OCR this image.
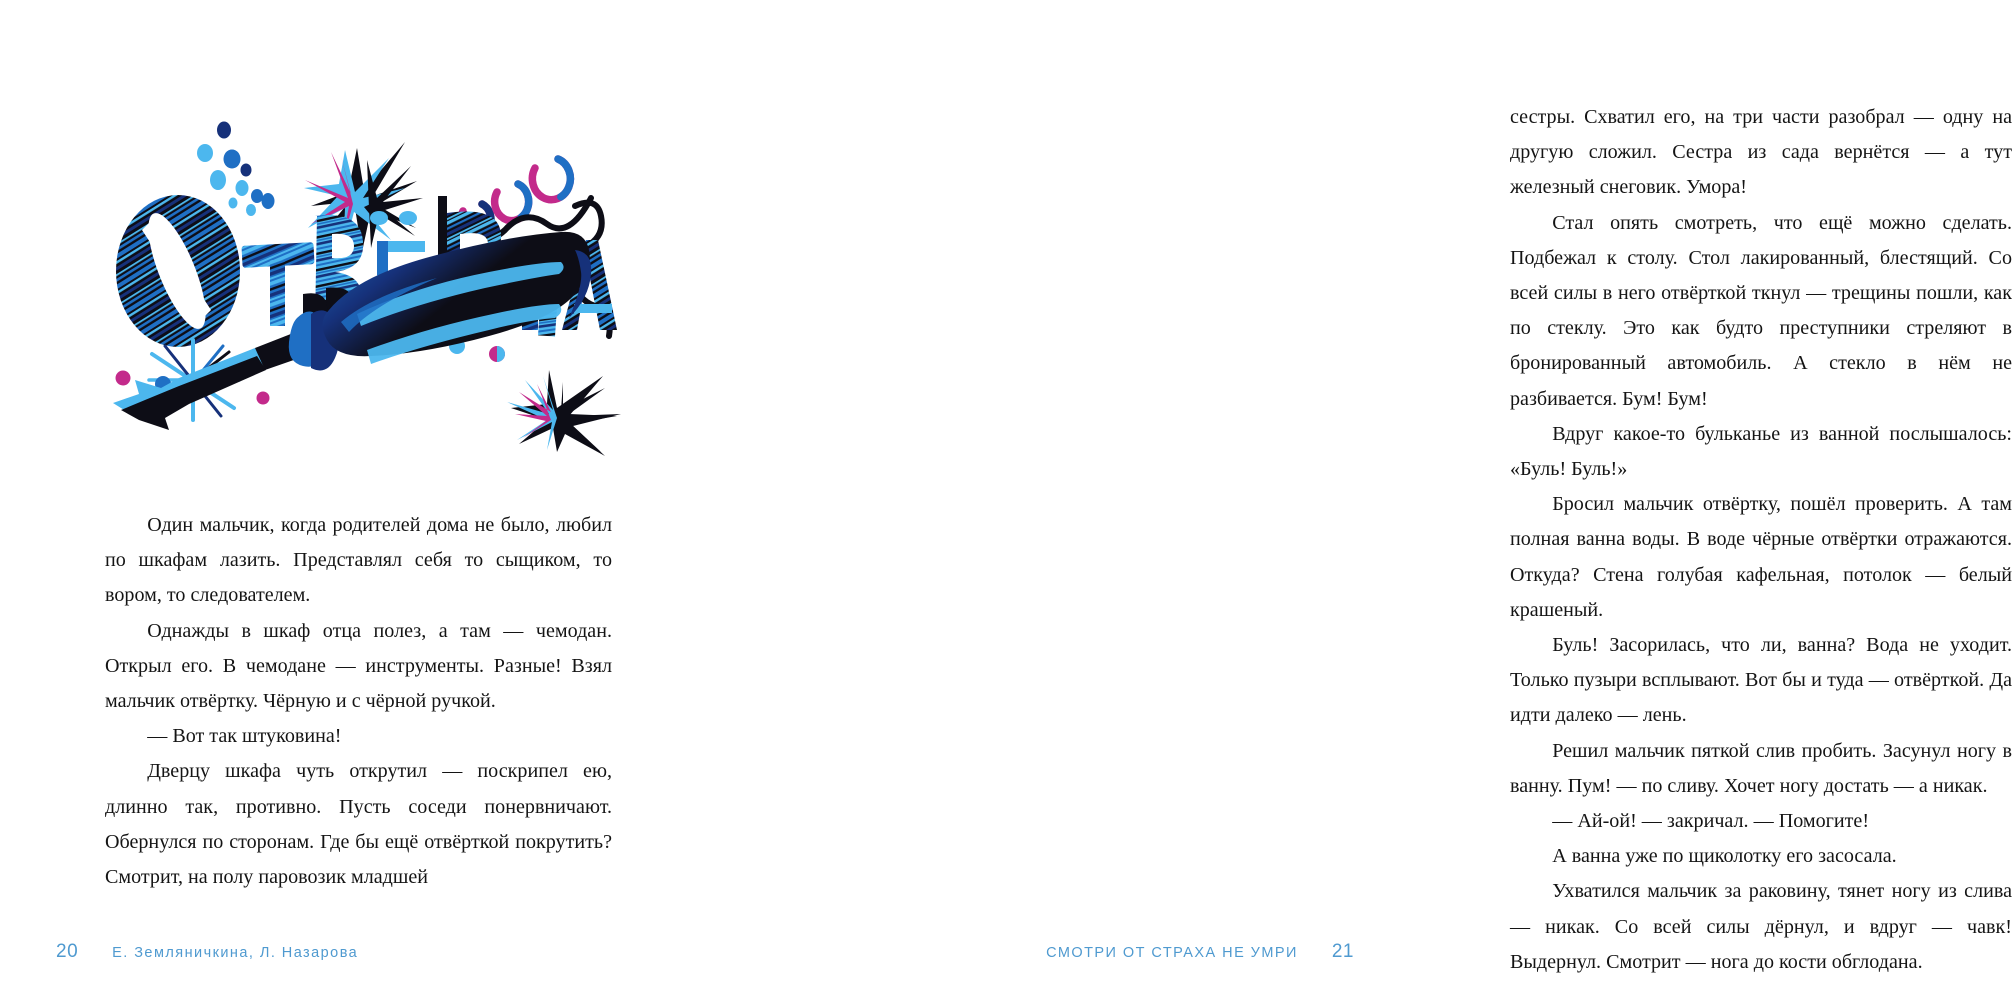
Один мальчик, когда родителей дома не было, любил по шкафам лазить. Представлял себя то сыщиком, то вором, то следователем.

Однажды в шкаф отца полез, а там — чемодан. Открыл его. В чемодане — инструменты. Разные! Взял мальчик отвёртку. Чёрную и с чёрной ручкой.

— Вот так штуковина!

Дверцу шкафа чуть открутил — поскрипел ею, длинно так, противно. Пусть соседи понервничают. Обернулся по сторонам. Где бы ещё отвёрткой покрутить? Смотрит, на полу паровозик младшей

20 Е. Земляничкина, Л. Назарова

сестры. Схватил его, на три части разобрал — одну на другую сложил. Сестра из сада вернётся — а тут железный снеговик. Умора!

Стал опять смотреть, что ещё можно сделать. Подбежал к столу. Стол лакированный, блестящий. Со всей силы в него отвёрткой ткнул — трещины пошли, как по стеклу. Это как будто преступники стреляют в бронированный автомобиль. А стекло в нём не разбивается. Бум! Бум!

Вдруг какое-то бульканье из ванной послышалось: «Буль! Буль!»

Бросил мальчик отвёртку, пошёл проверить. А там полная ванна воды. В воде чёрные отвёртки отражаются. Откуда? Стена голубая кафельная, потолок — белый крашеный.

Буль! Засорилась, что ли, ванна? Вода не уходит. Только пузыри всплывают. Вот бы и туда — отвёрткой. Да идти далеко — лень.

Решил мальчик пяткой слив пробить. Засунул ногу в ванну. Пум! — по сливу. Хочет ногу достать — а никак.

— Ай-ой! — закричал. — Помогите!

А ванна уже по щиколотку его засосала.

Ухватился мальчик за раковину, тянет ногу из слива — никак. Со всей силы дёрнул, и вдруг — чавк! Выдернул. Смотрит — нога до кости обглодана.

СМОТРИ ОТ СТРАХА НЕ УМРИ 21
